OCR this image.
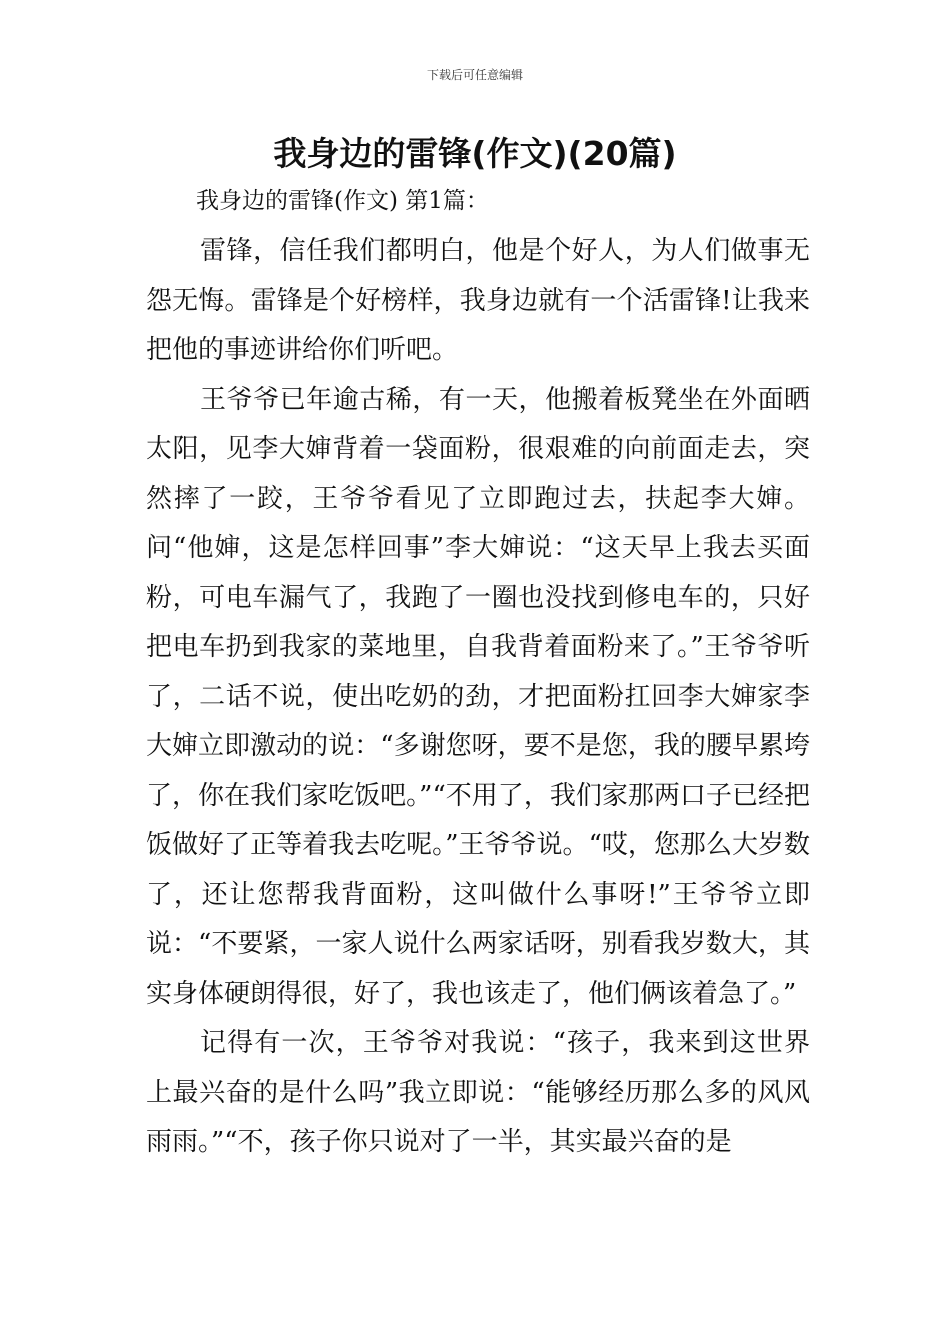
下载后可任意编辑
我身边的雷锋(作文)(20篇)
我身边的雷锋(作文) 第1篇：

雷锋，信任我们都明白，他是个好人，为人们做事无怨无悔。雷锋是个好榜样，我身边就有一个活雷锋!让我来把他的事迹讲给你们听吧。

王爷爷已年逾古稀，有一天，他搬着板凳坐在外面晒太阳，见李大婶背着一袋面粉，很艰难的向前面走去，突然摔了一跤，王爷爷看见了立即跑过去，扶起李大婶。问“他婶，这是怎样回事”李大婶说：“这天早上我去买面粉，可电车漏气了，我跑了一圈也没找到修电车的，只好把电车扔到我家的菜地里，自我背着面粉来了。”王爷爷听了，二话不说，使出吃奶的劲，才把面粉扛回李大婶家李大婶立即激动的说：“多谢您呀，要不是您，我的腰早累垮了，你在我们家吃饭吧。”“不用了，我们家那两口子已经把饭做好了正等着我去吃呢。”王爷爷说。“哎，您那么大岁数了，还让您帮我背面粉，这叫做什么事呀!”王爷爷立即说：“不要紧，一家人说什么两家话呀，别看我岁数大，其实身体硬朗得很，好了，我也该走了，他们俩该着急了。”

记得有一次，王爷爷对我说：“孩子，我来到这世界上最兴奋的是什么吗”我立即说：“能够经历那么多的风风雨雨。”“不，孩子你只说对了一半，其实最兴奋的是
